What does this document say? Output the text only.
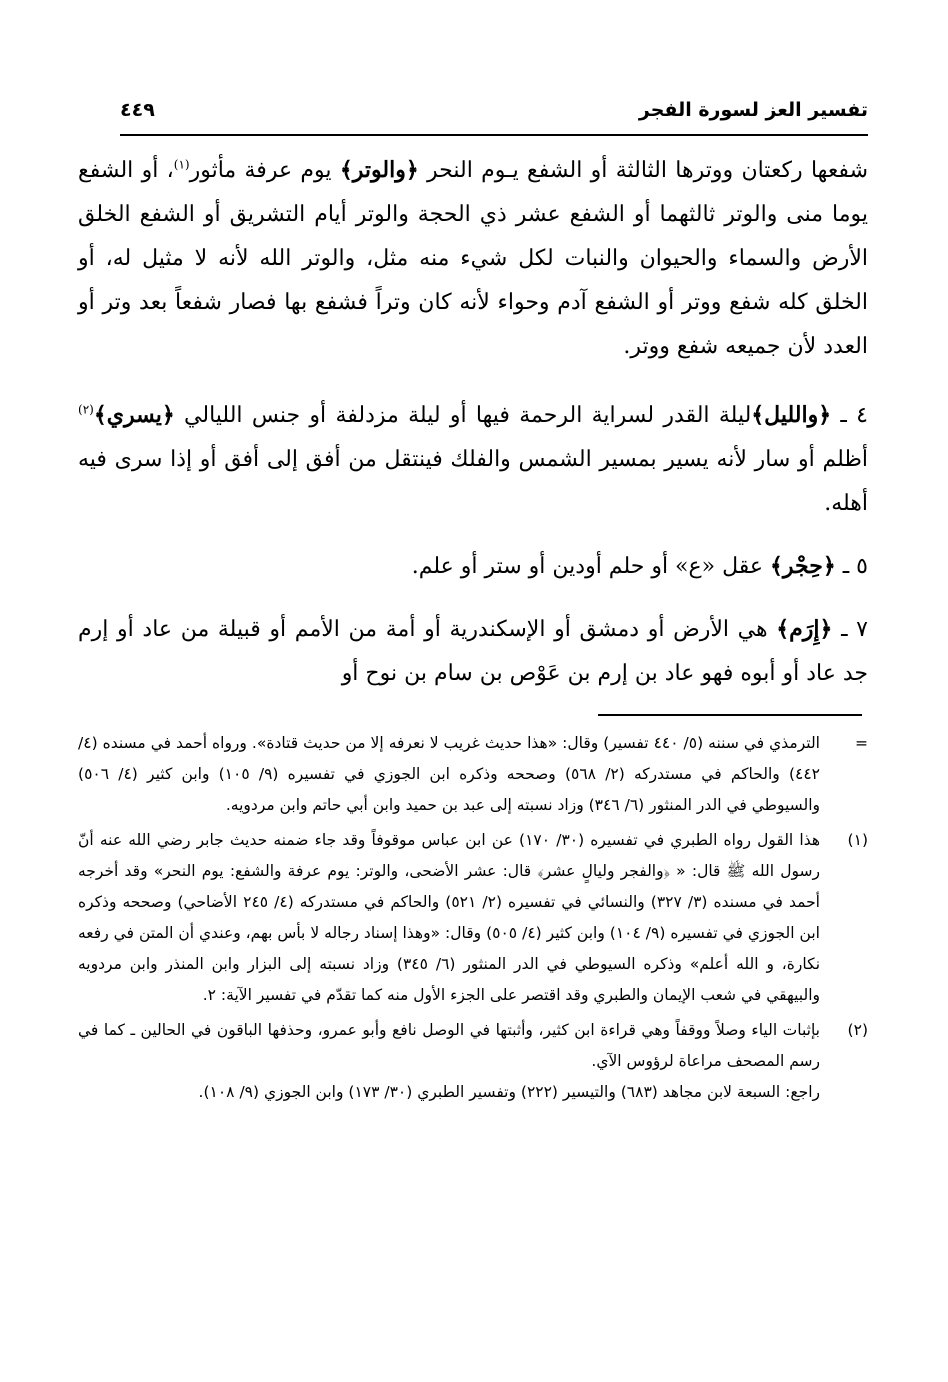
تفسير العز لسورة الفجر
٤٤٩

شفعها ركعتان ووترها الثالثة أو الشفع يـوم النحر ﴿والوتر﴾ يوم عرفة مأثور$^{(١)}$، أو الشفع يوما منى والوتر ثالثهما أو الشفع عشر ذي الحجة والوتر أيام التشريق أو الشفع الخلق الأرض والسماء والحيوان والنبات لكل شيء منه مثل، والوتر الله لأنه لا مثيل له، أو الخلق كله شفع ووتر أو الشفع آدم وحواء لأنه كان وتراً فشفع بها فصار شفعاً بعد وتر أو العدد لأن جميعه شفع ووتر.

٤ ـ ﴿والليل﴾ليلة القدر لسراية الرحمة فيها أو ليلة مزدلفة أو جنس الليالي ﴿يسري﴾$^{(٢)}$ أظلم أو سار لأنه يسير بمسير الشمس والفلك فينتقل من أفق إلى أفق أو إذا سرى فيه أهله.

٥ ـ ﴿حِجْر﴾ عقل «ع» أو حلم أودين أو ستر أو علم.

٧ ـ ﴿إِرَم﴾ هي الأرض أو دمشق أو الإسكندرية أو أمة من الأمم أو قبيلة من عاد أو إرم جد عاد أو أبوه فهو عاد بن إرم بن عَوْص بن سام بن نوح أو

=

الترمذي في سننه (٥/ ٤٤٠ تفسير) وقال: «هذا حديث غريب لا نعرفه إلا من حديث قتادة». ورواه أحمد في مسنده (٤/ ٤٤٢) والحاكم في مستدركه (٢/ ٥٦٨) وصححه وذكره ابن الجوزي في تفسيره (٩/ ١٠٥) وابن كثير (٤/ ٥٠٦) والسيوطي في الدر المنثور (٦/ ٣٤٦) وزاد نسبته إلى عبد بن حميد وابن أبي حاتم وابن مردويه.

(١)

هذا القول رواه الطبري في تفسيره (٣٠/ ١٧٠) عن ابن عباس موقوفاً وقد جاء ضمنه حديث جابر رضي الله عنه أنّ رسول الله ﷺ قال: « ﴿والفجر وليالٍ عشر﴾ قال: عشر الأضحى، والوتر: يوم عرفة والشفع: يوم النحر» وقد أخرجه أحمد في مسنده (٣/ ٣٢٧) والنسائي في تفسيره (٢/ ٥٢١) والحاكم في مستدركه (٤/ ٢٤٥ الأضاحي) وصححه وذكره ابن الجوزي في تفسيره (٩/ ١٠٤) وابن كثير (٤/ ٥٠٥) وقال: «وهذا إسناد رجاله لا بأس بهم، وعندي أن المتن في رفعه نكارة، و الله أعلم» وذكره السيوطي في الدر المنثور (٦/ ٣٤٥) وزاد نسبته إلى البزار وابن المنذر وابن مردويه والبيهقي في شعب الإيمان والطبري وقد اقتصر على الجزء الأول منه كما تقدّم في تفسير الآية: ٢.

(٢)

بإثبات الياء وصلاً ووقفاً وهي قراءة ابن كثير، وأثبتها في الوصل نافع وأبو عمرو، وحذفها الباقون في الحالين ـ كما في رسم المصحف مراعاة لرؤوس الآي.

راجع: السبعة لابن مجاهد (٦٨٣) والتيسير (٢٢٢) وتفسير الطبري (٣٠/ ١٧٣) وابن الجوزي (٩/ ١٠٨).
